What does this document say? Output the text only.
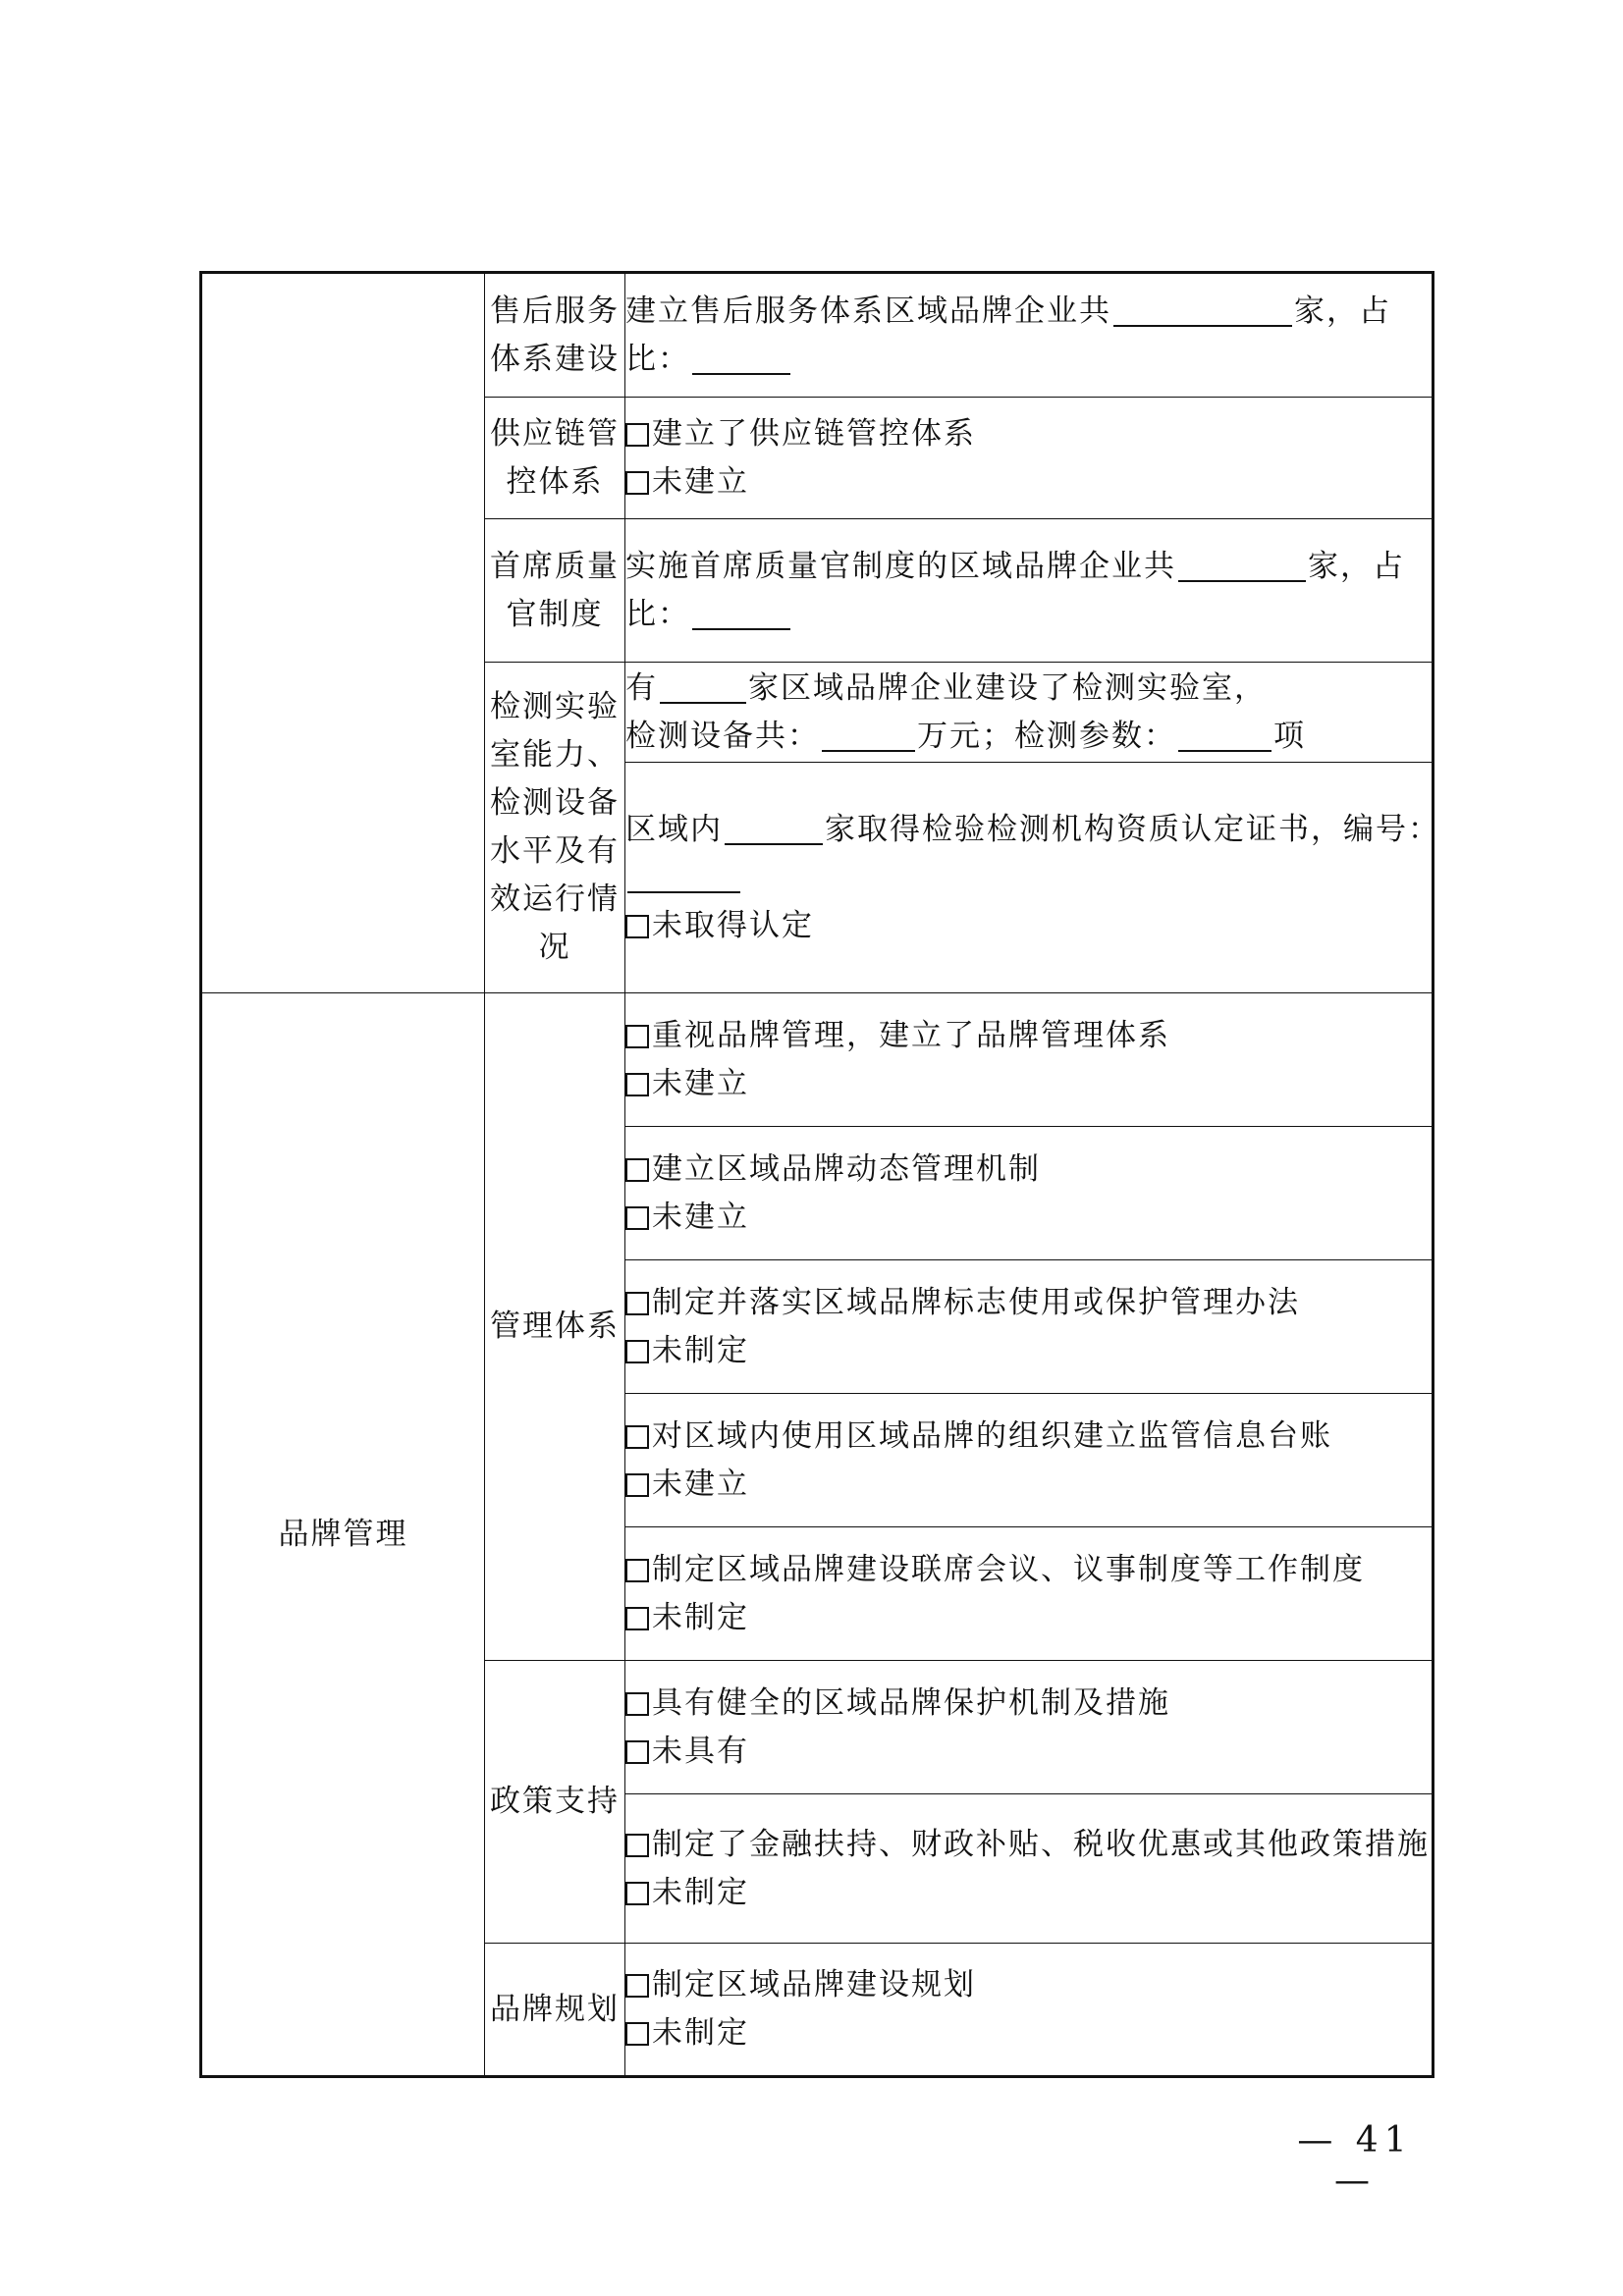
	售后服务体系建设	建立售后服务体系区域品牌企业共 家，占
比：

	供应链管控体系	建立了供应链管控体系
未建立

	首席质量官制度	实施首席质量官制度的区域品牌企业共 家，占
比：

	检测实验室能力、检测设备水平及有效运行情况	有 家区域品牌企业建设了检测实验室，
检测设备共： 万元；检测参数： 项

		区域内 家取得检验检测机构资质认定证书，编号：
未取得认定

品牌管理	管理体系	重视品牌管理，建立了品牌管理体系
未建立

		建立区域品牌动态管理机制
未建立

		制定并落实区域品牌标志使用或保护管理办法
未制定

		对区域内使用区域品牌的组织建立监管信息台账
未建立

		制定区域品牌建设联席会议、议事制度等工作制度
未制定

	政策支持	具有健全的区域品牌保护机制及措施
未具有

		制定了金融扶持、财政补贴、税收优惠或其他政策措施
未制定

	品牌规划	制定区域品牌建设规划
未制定
— 41 —
